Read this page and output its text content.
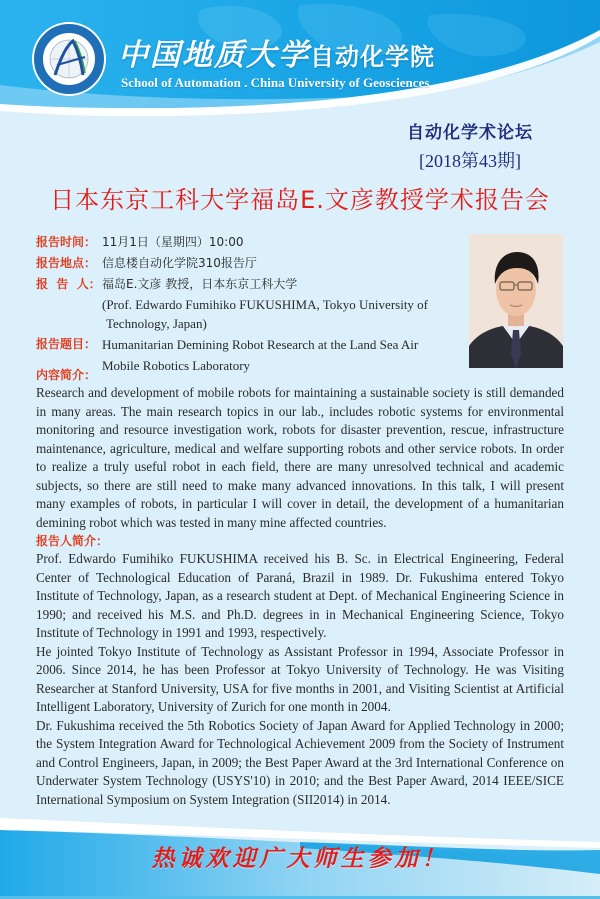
中国地质大学自动化学院
School of Automation . China University of Geosciences
自动化学术论坛
[2018第43期]
日本东京工科大学福岛E.文彦教授学术报告会
报告时间： 11月1日（星期四）10:00
报告地点： 信息楼自动化学院310报告厅
报  告  人： 福岛E.文彦 教授，日本东京工科大学
(Prof. Edwardo Fumihiko FUKUSHIMA, Tokyo University of
Technology, Japan)
报告题目： Humanitarian Demining Robot Research at the Land Sea Air
Mobile Robotics Laboratory
内容简介：

Research and development of mobile robots for maintaining a sustainable society is still demanded in many areas. The main research topics in our lab., includes robotic systems for environmental monitoring and resource investigation work, robots for disaster prevention, rescue, infrastructure maintenance, agriculture, medical and welfare supporting robots and other service robots. In order to realize a truly useful robot in each field, there are many unresolved technical and academic subjects, so there are still need to make many advanced innovations. In this talk, I will present many examples of robots, in particular I will cover in detail, the development of a humanitarian demining robot which was tested in many mine affected countries.

报告人简介：

Prof. Edwardo Fumihiko FUKUSHIMA received his B. Sc. in Electrical Engineering, Federal Center of Technological Education of Paraná, Brazil in 1989. Dr. Fukushima entered Tokyo Institute of Technology, Japan, as a research student at Dept. of Mechanical Engineering Science in 1990; and received his M.S. and Ph.D. degrees in in Mechanical Engineering Science, Tokyo Institute of Technology in 1991 and 1993, respectively.

He jointed Tokyo Institute of Technology as Assistant Professor in 1994, Associate Professor in 2006. Since 2014, he has been Professor at Tokyo University of Technology. He was Visiting Researcher at Stanford University, USA for five months in 2001, and Visiting Scientist at Artificial Intelligent Laboratory, University of Zurich for one month in 2004.

Dr. Fukushima received the 5th Robotics Society of Japan Award for Applied Technology in 2000; the System Integration Award for Technological Achievement 2009 from the Society of Instrument and Control Engineers, Japan, in 2009; the Best Paper Award at the 3rd International Conference on Underwater System Technology (USYS'10) in 2010; and the Best Paper Award, 2014 IEEE/SICE International Symposium on System Integration (SII2014) in 2014.

热诚欢迎广大师生参加！
